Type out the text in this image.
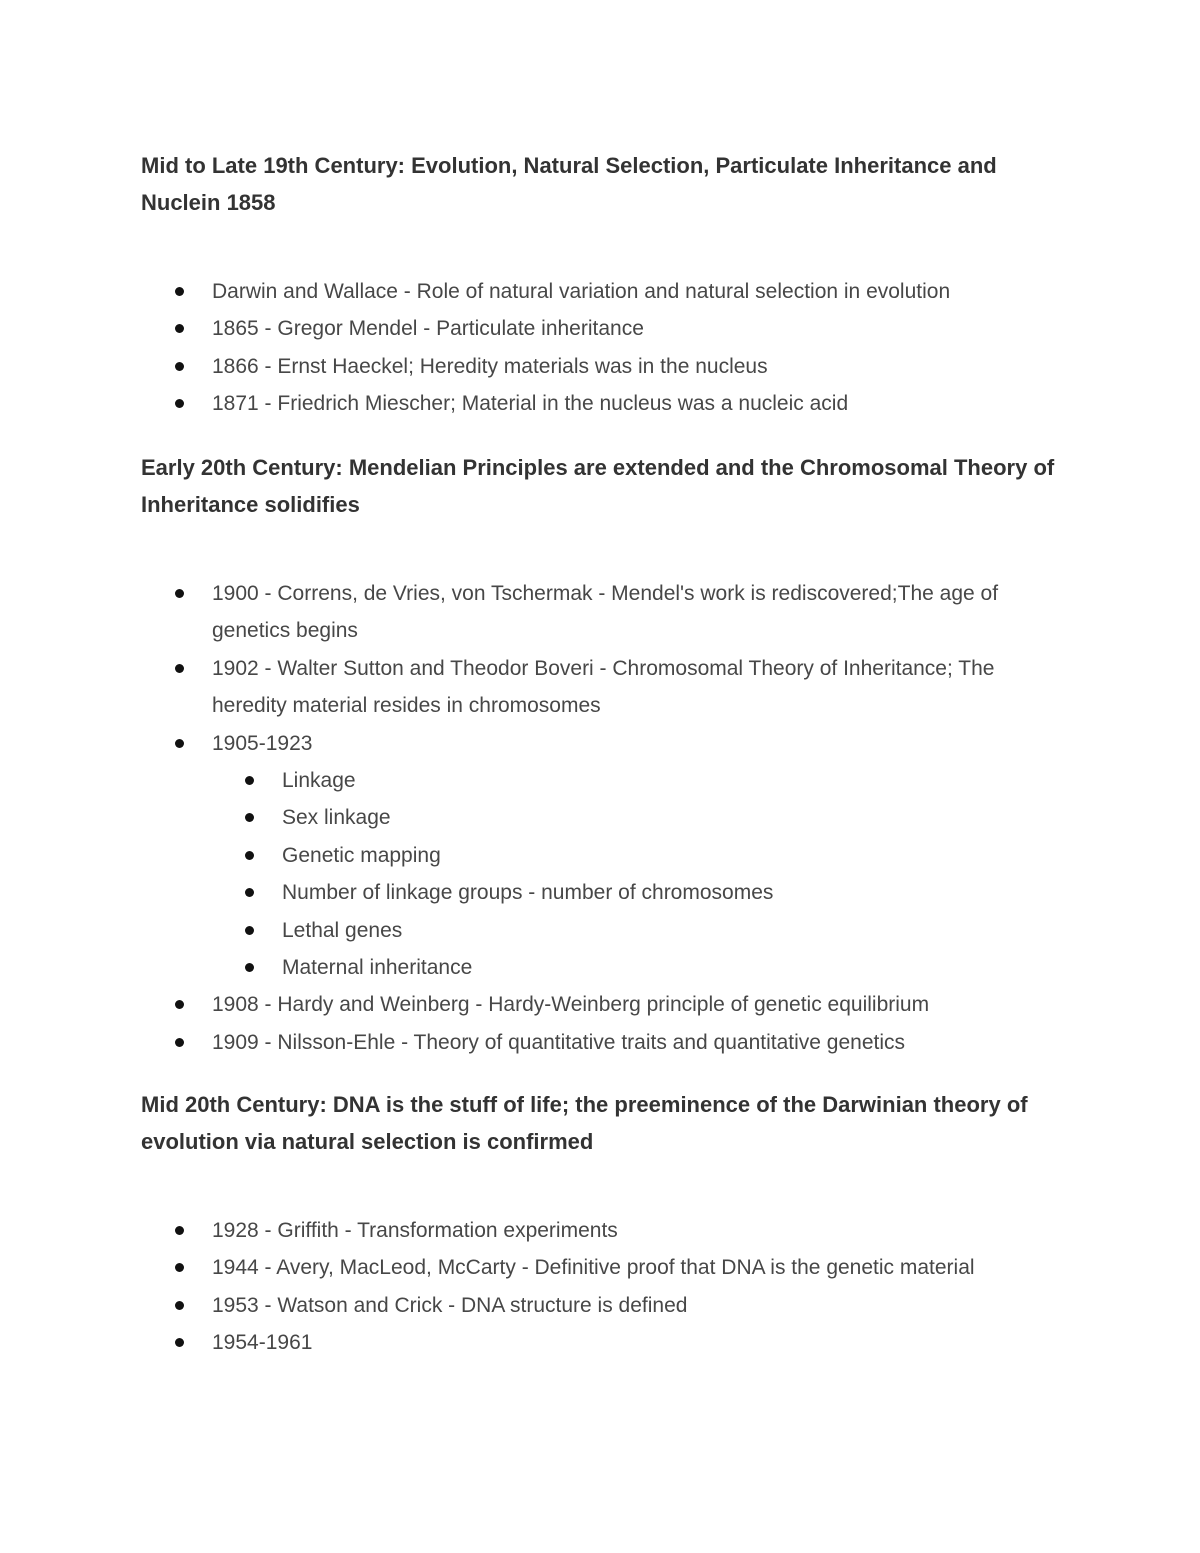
Mid to Late 19th Century: Evolution, Natural Selection, Particulate Inheritance and Nuclein 1858
Darwin and Wallace - Role of natural variation and natural selection in evolution
1865 - Gregor Mendel - Particulate inheritance
1866 - Ernst Haeckel; Heredity materials was in the nucleus
1871 - Friedrich Miescher; Material in the nucleus was a nucleic acid
Early 20th Century: Mendelian Principles are extended and the Chromosomal Theory of Inheritance solidifies
1900 - Correns, de Vries, von Tschermak - Mendel's work is rediscovered;The age of genetics begins
1902 - Walter Sutton and Theodor Boveri - Chromosomal Theory of Inheritance; The heredity material resides in chromosomes
1905-1923
Linkage
Sex linkage
Genetic mapping
Number of linkage groups - number of chromosomes
Lethal genes
Maternal inheritance
1908 - Hardy and Weinberg - Hardy-Weinberg principle of genetic equilibrium
1909 - Nilsson-Ehle - Theory of quantitative traits and quantitative genetics
Mid 20th Century: DNA is the stuff of life; the preeminence of the Darwinian theory of evolution via natural selection is confirmed
1928 - Griffith - Transformation experiments
1944 - Avery, MacLeod, McCarty - Definitive proof that DNA is the genetic material
1953 - Watson and Crick - DNA structure is defined
1954-1961
